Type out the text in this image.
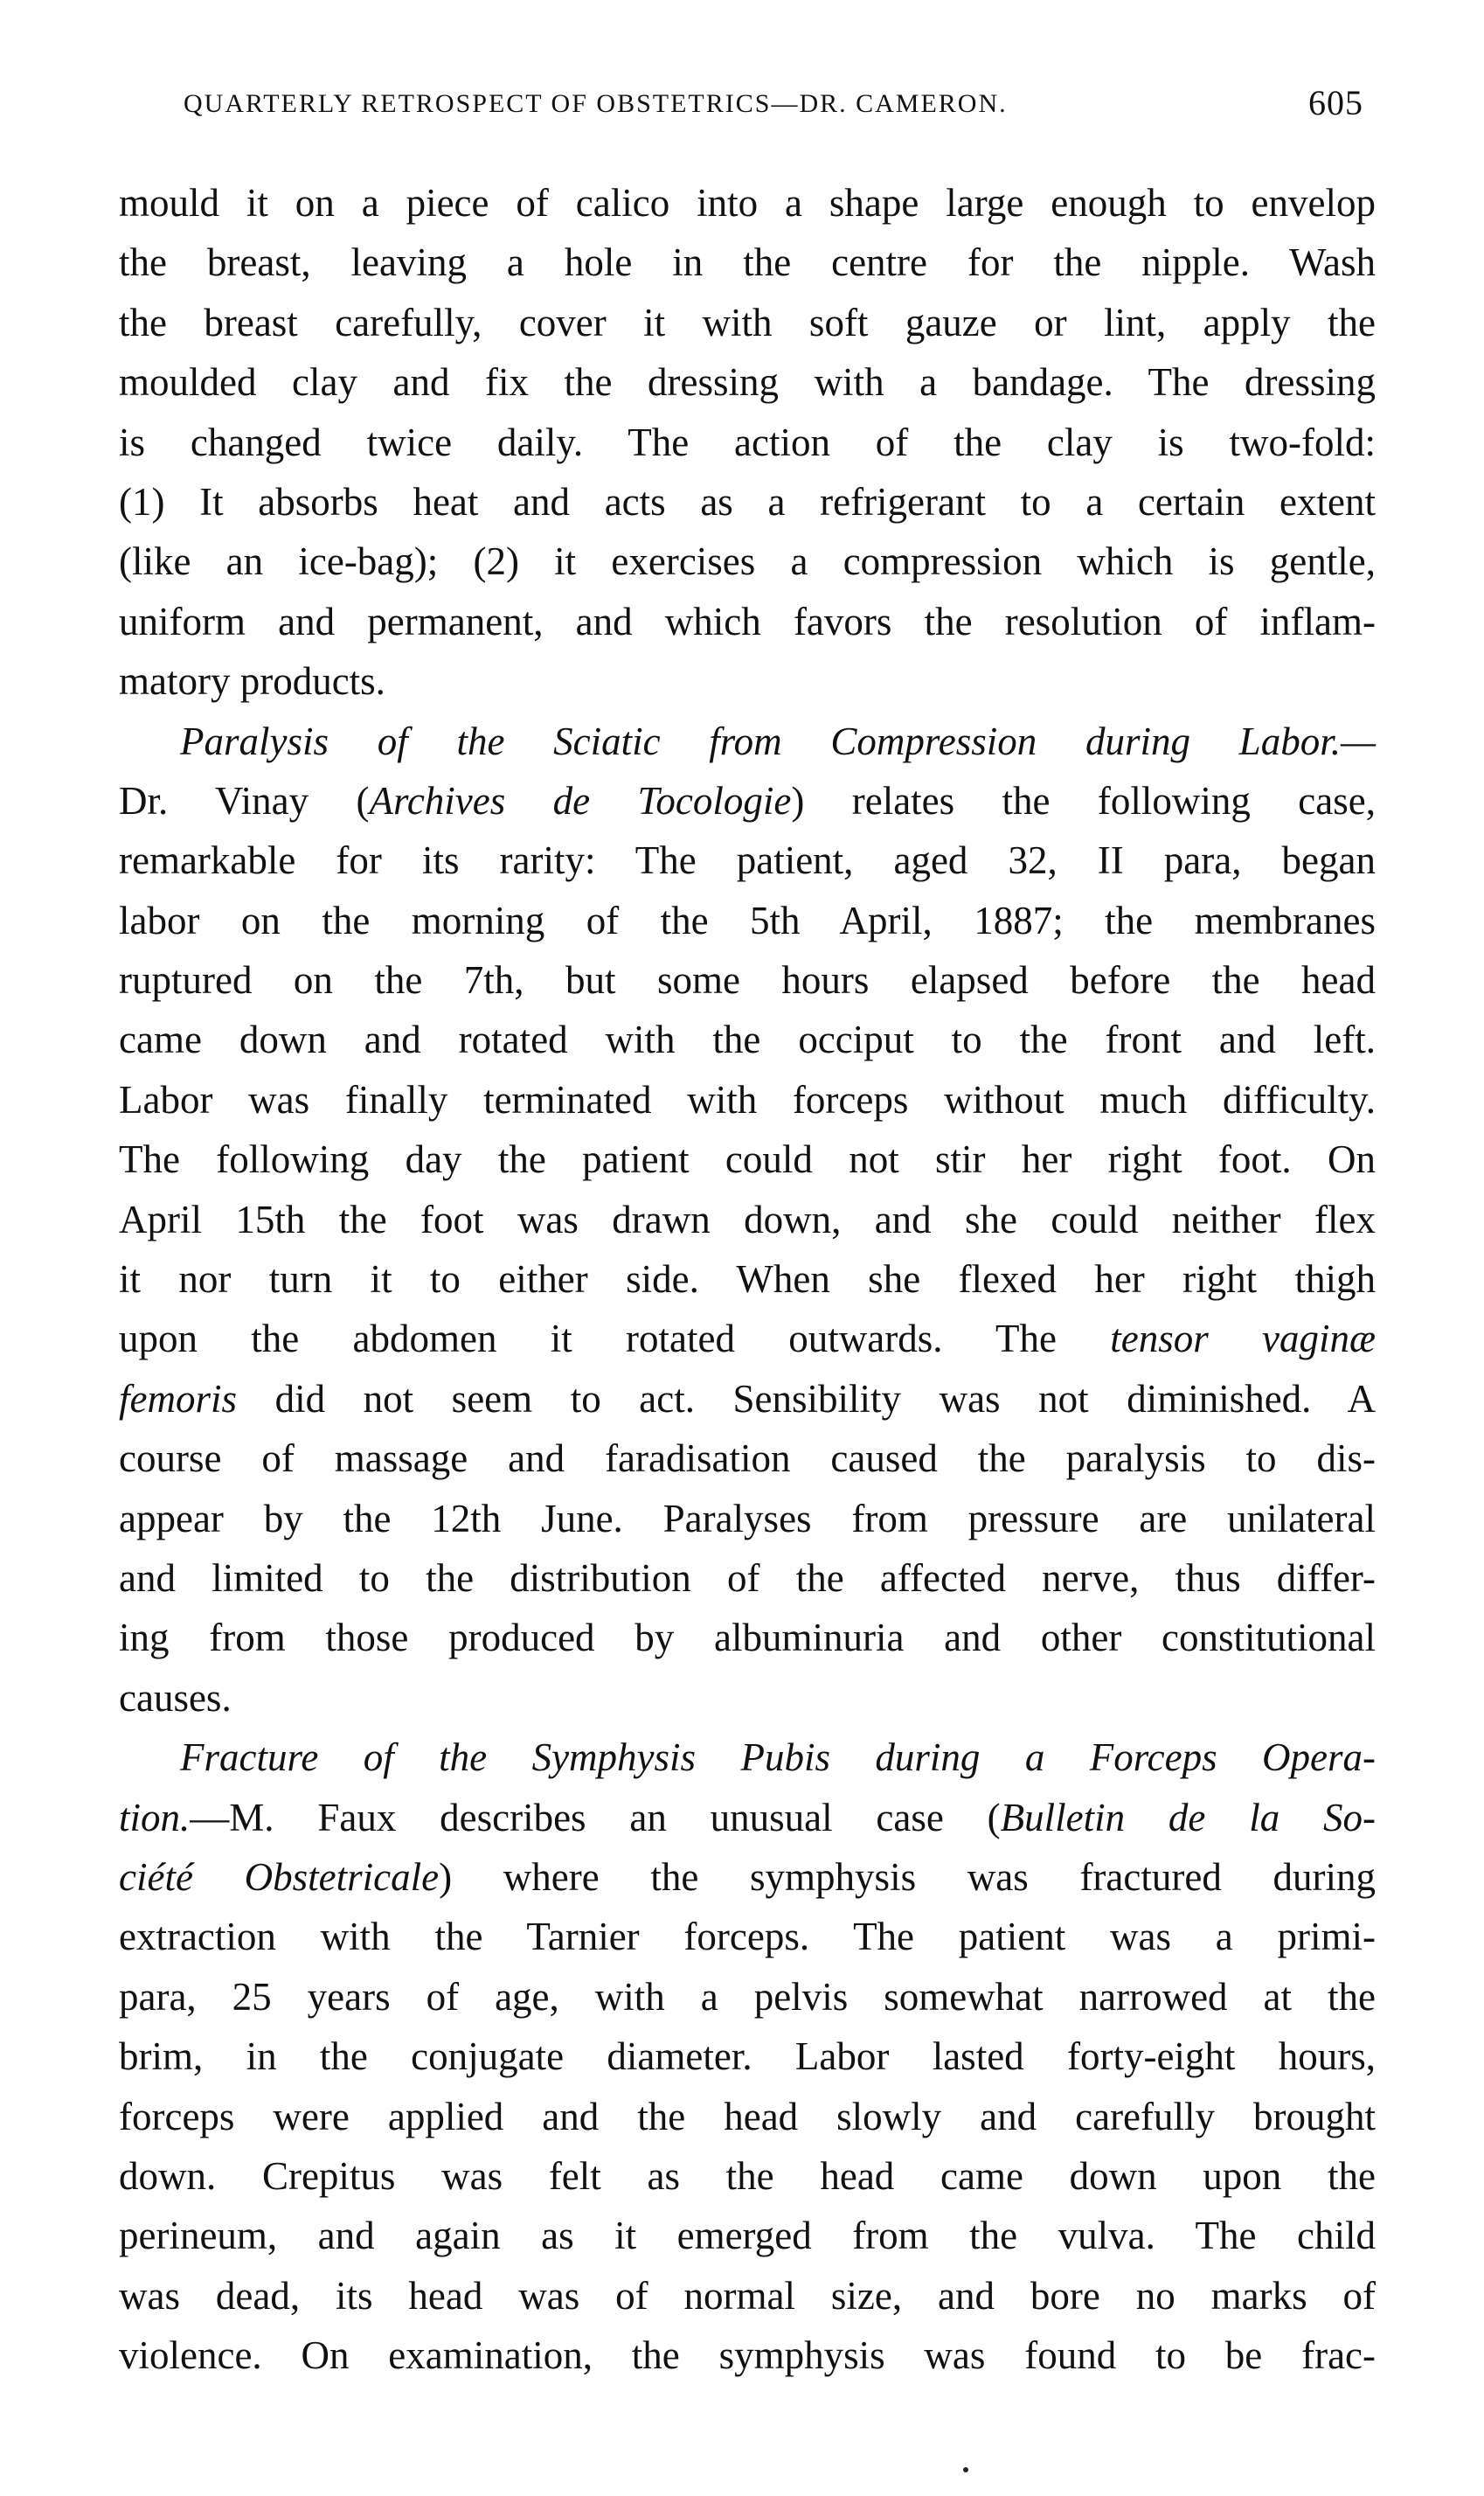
QUARTERLY RETROSPECT OF OBSTETRICS—DR. CAMERON.	605
mould it on a piece of calico into a shape large enough to envelop
the breast, leaving a hole in the centre for the nipple. Wash
the breast carefully, cover it with soft gauze or lint, apply the
moulded clay and fix the dressing with a bandage. The dressing
is changed twice daily. The action of the clay is two-fold:
(1) It absorbs heat and acts as a refrigerant to a certain extent
(like an ice-bag); (2) it exercises a compression which is gentle,
uniform and permanent, and which favors the resolution of inflam-
matory products.
Paralysis of the Sciatic from Compression during Labor.—
Dr. Vinay (Archives de Tocologie) relates the following case,
remarkable for its rarity: The patient, aged 32, II para, began
labor on the morning of the 5th April, 1887; the membranes
ruptured on the 7th, but some hours elapsed before the head
came down and rotated with the occiput to the front and left.
Labor was finally terminated with forceps without much difficulty.
The following day the patient could not stir her right foot. On
April 15th the foot was drawn down, and she could neither flex
it nor turn it to either side. When she flexed her right thigh
upon the abdomen it rotated outwards. The tensor vaginæ
femoris did not seem to act. Sensibility was not diminished. A
course of massage and faradisation caused the paralysis to dis-
appear by the 12th June. Paralyses from pressure are unilateral
and limited to the distribution of the affected nerve, thus differ-
ing from those produced by albuminuria and other constitutional
causes.
Fracture of the Symphysis Pubis during a Forceps Opera-
tion.—M. Faux describes an unusual case (Bulletin de la So-
ciété Obstetricale) where the symphysis was fractured during
extraction with the Tarnier forceps. The patient was a primi-
para, 25 years of age, with a pelvis somewhat narrowed at the
brim, in the conjugate diameter. Labor lasted forty-eight hours,
forceps were applied and the head slowly and carefully brought
down. Crepitus was felt as the head came down upon the
perineum, and again as it emerged from the vulva. The child
was dead, its head was of normal size, and bore no marks of
violence. On examination, the symphysis was found to be frac-
